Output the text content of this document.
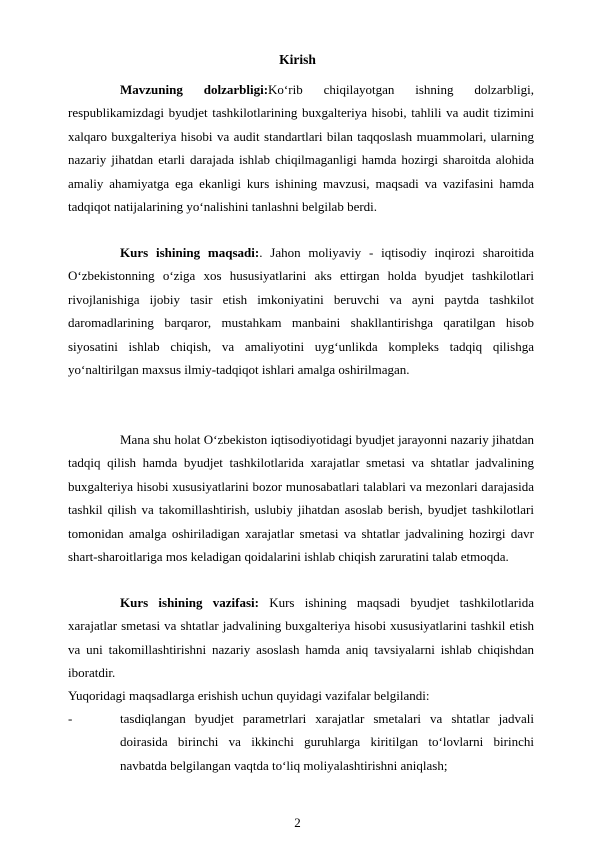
Kirish
Mavzuning dolzarbligi:Ko‘rib chiqilayotgan ishning dolzarbligi, respublikamizdagi byudjet tashkilotlarining buxgalteriya hisobi, tahlili va audit tizimini xalqaro buxgalteriya hisobi va audit standartlari bilan taqqoslash muammolari, ularning nazariy jihatdan etarli darajada ishlab chiqilmaganligi hamda hozirgi sharoitda alohida amaliy ahamiyatga ega ekanligi kurs ishining mavzusi, maqsadi va vazifasini hamda tadqiqot natijalarining yo‘nalishini tanlashni belgilab berdi.
Kurs ishining maqsadi:. Jahon moliyaviy - iqtisodiy inqirozi sharoitida O‘zbekistonning o‘ziga xos hususiyatlarini aks ettirgan holda byudjet tashkilotlari rivojlanishiga ijobiy tasir etish imkoniyatini beruvchi va ayni paytda tashkilot daromadlarining barqaror, mustahkam manbaini shakllantirishga qaratilgan hisob siyosatini ishlab chiqish, va amaliyotini uyg‘unlikda kompleks tadqiq qilishga yo‘naltirilgan maxsus ilmiy-tadqiqot ishlari amalga oshirilmagan.
Mana shu holat O‘zbekiston iqtisodiyotidagi byudjet jarayonni nazariy jihatdan tadqiq qilish hamda byudjet tashkilotlarida xarajatlar smetasi va shtatlar jadvalining buxgalteriya hisobi xususiyatlarini bozor munosabatlari talablari va mezonlari darajasida tashkil qilish va takomillashtirish, uslubiy jihatdan asoslab berish, byudjet tashkilotlari tomonidan amalga oshiriladigan xarajatlar smetasi va shtatlar jadvalining hozirgi davr shart-sharoitlariga mos keladigan qoidalarini ishlab chiqish zaruratini talab etmoqda.
Kurs ishining vazifasi: Kurs ishining maqsadi byudjet tashkilotlarida xarajatlar smetasi va shtatlar jadvalining buxgalteriya hisobi xususiyatlarini tashkil etish va uni takomillashtirishni nazariy asoslash hamda aniq tavsiyalarni ishlab chiqishdan iboratdir.
Yuqoridagi maqsadlarga erishish uchun quyidagi vazifalar belgilandi:
-	tasdiqlangan byudjet parametrlari xarajatlar smetalari va shtatlar jadvali doirasida birinchi va ikkinchi guruhlarga kiritilgan to‘lovlarni birinchi navbatda belgilangan vaqtda to‘liq moliyalashtirishni aniqlash;
2
